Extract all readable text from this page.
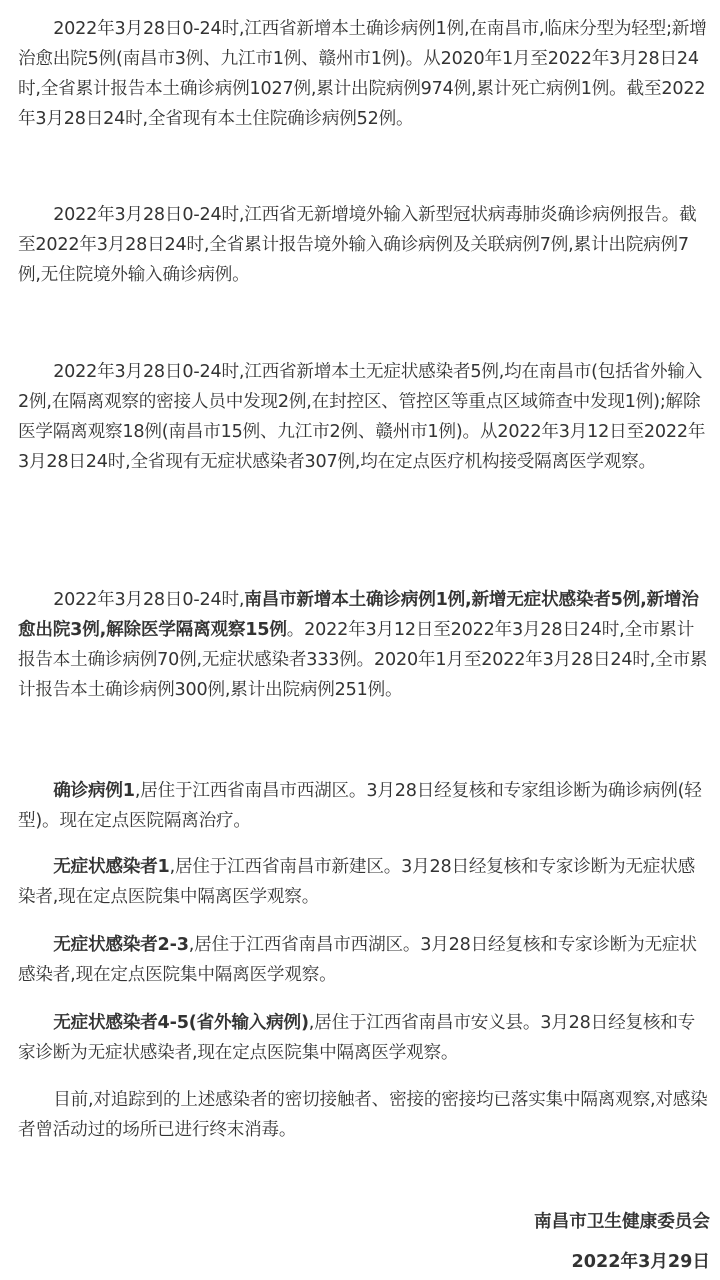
2022年3月28日0-24时,江西省新增本土确诊病例1例,在南昌市,临床分型为轻型;新增治愈出院5例(南昌市3例、九江市1例、赣州市1例)。从2020年1月至2022年3月28日24时,全省累计报告本土确诊病例1027例,累计出院病例974例,累计死亡病例1例。截至2022年3月28日24时,全省现有本土住院确诊病例52例。

2022年3月28日0-24时,江西省无新增境外输入新型冠状病毒肺炎确诊病例报告。截至2022年3月28日24时,全省累计报告境外输入确诊病例及关联病例7例,累计出院病例7例,无住院境外输入确诊病例。

2022年3月28日0-24时,江西省新增本土无症状感染者5例,均在南昌市(包括省外输入2例,在隔离观察的密接人员中发现2例,在封控区、管控区等重点区域筛查中发现1例);解除医学隔离观察18例(南昌市15例、九江市2例、赣州市1例)。从2022年3月12日至2022年3月28日24时,全省现有无症状感染者307例,均在定点医疗机构接受隔离医学观察。

2022年3月28日0-24时,南昌市新增本土确诊病例1例,新增无症状感染者5例,新增治愈出院3例,解除医学隔离观察15例。2022年3月12日至2022年3月28日24时,全市累计报告本土确诊病例70例,无症状感染者333例。2020年1月至2022年3月28日24时,全市累计报告本土确诊病例300例,累计出院病例251例。

确诊病例1,居住于江西省南昌市西湖区。3月28日经复核和专家组诊断为确诊病例(轻型)。现在定点医院隔离治疗。

无症状感染者1,居住于江西省南昌市新建区。3月28日经复核和专家诊断为无症状感染者,现在定点医院集中隔离医学观察。

无症状感染者2-3,居住于江西省南昌市西湖区。3月28日经复核和专家诊断为无症状感染者,现在定点医院集中隔离医学观察。

无症状感染者4-5(省外输入病例),居住于江西省南昌市安义县。3月28日经复核和专家诊断为无症状感染者,现在定点医院集中隔离医学观察。

目前,对追踪到的上述感染者的密切接触者、密接的密接均已落实集中隔离观察,对感染者曾活动过的场所已进行终末消毒。

南昌市卫生健康委员会
2022年3月29日
